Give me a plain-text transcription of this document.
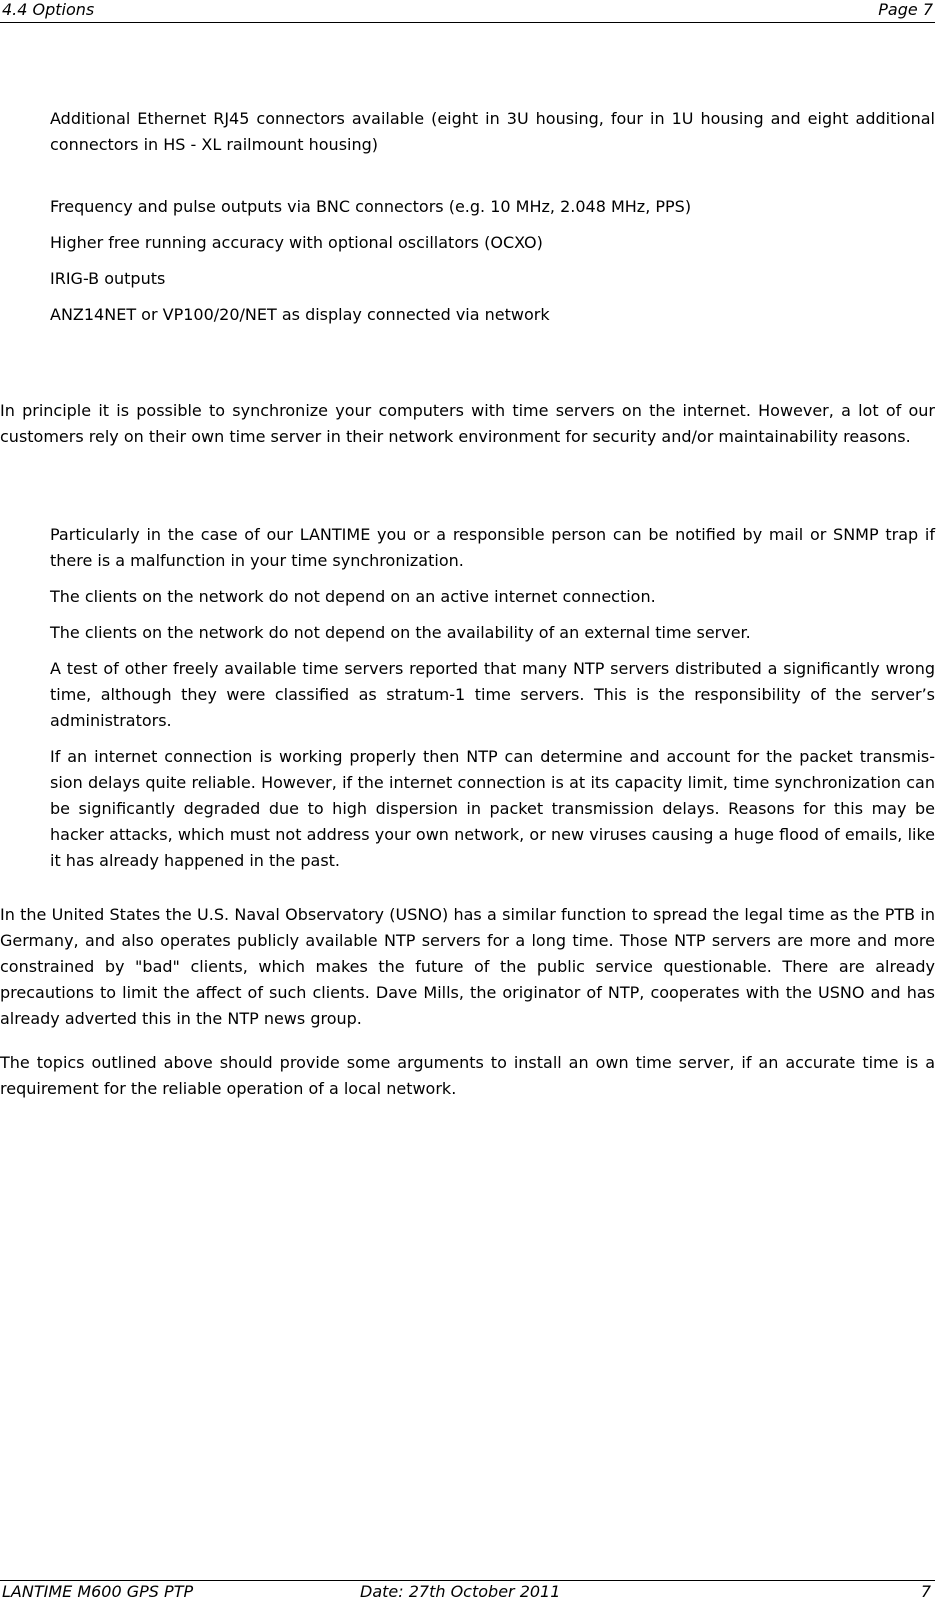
4.4 Options	Page 7
Additional Ethernet RJ45 connectors available (eight in 3U housing, four in 1U housing and eight additional connectors in HS - XL railmount housing)
Frequency and pulse outputs via BNC connectors (e.g. 10 MHz, 2.048 MHz, PPS)
Higher free running accuracy with optional oscillators (OCXO)
IRIG-B outputs
ANZ14NET or VP100/20/NET as display connected via network
In principle it is possible to synchronize your computers with time servers on the internet. However, a lot of our customers rely on their own time server in their network environment for security and/or maintainability reasons.
Particularly in the case of our LANTIME you or a responsible person can be notified by mail or SNMP trap if there is a malfunction in your time synchronization.
The clients on the network do not depend on an active internet connection.
The clients on the network do not depend on the availability of an external time server.
A test of other freely available time servers reported that many NTP servers distributed a significantly wrong time, although they were classified as stratum-1 time servers. This is the responsibility of the server’s administrators.
If an internet connection is working properly then NTP can determine and account for the packet transmis-sion delays quite reliable. However, if the internet connection is at its capacity limit, time synchronization can be significantly degraded due to high dispersion in packet transmission delays. Reasons for this may be hacker attacks, which must not address your own network, or new viruses causing a huge flood of emails, like it has already happened in the past.
In the United States the U.S. Naval Observatory (USNO) has a similar function to spread the legal time as the PTB in Germany, and also operates publicly available NTP servers for a long time. Those NTP servers are more and more constrained by "bad" clients, which makes the future of the public service questionable. There are already precautions to limit the affect of such clients. Dave Mills, the originator of NTP, cooperates with the USNO and has already adverted this in the NTP news group.
The topics outlined above should provide some arguments to install an own time server, if an accurate time is a requirement for the reliable operation of a local network.
LANTIME M600 GPS PTP	Date: 27th October 2011	7
